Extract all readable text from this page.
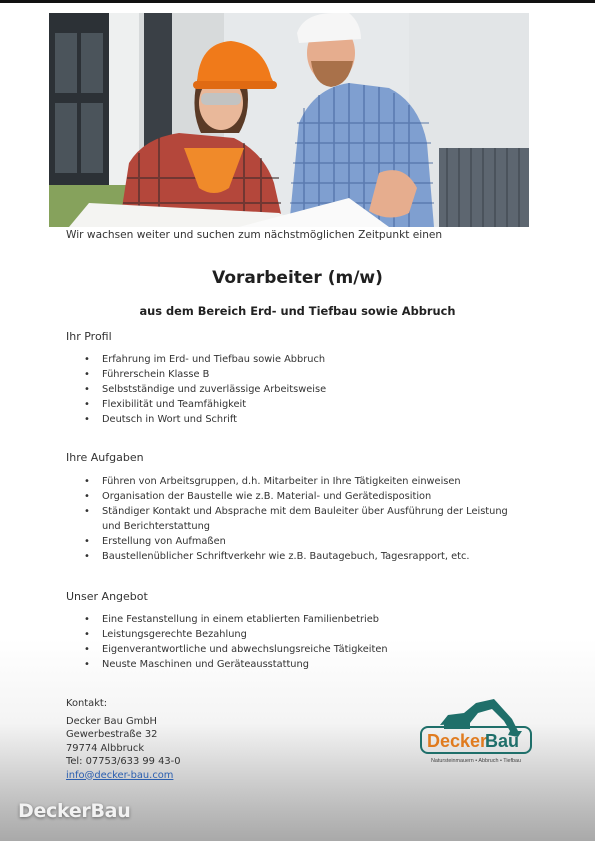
Wir wachsen weiter und suchen zum nächstmöglichen Zeitpunkt einen
Vorarbeiter (m/w)
aus dem Bereich Erd- und Tiefbau sowie Abbruch
Ihr Profil
• Erfahrung im Erd- und Tiefbau sowie Abbruch
• Führerschein Klasse B
• Selbstständige und zuverlässige Arbeitsweise
• Flexibilität und Teamfähigkeit
• Deutsch in Wort und Schrift
Ihre Aufgaben
• Führen von Arbeitsgruppen, d.h. Mitarbeiter in Ihre Tätigkeiten einweisen
• Organisation der Baustelle wie z.B. Material- und Gerätedisposition
• Ständiger Kontakt und Absprache mit dem Bauleiter über Ausführung der Leistung und Berichterstattung
• Erstellung von Aufmaßen
• Baustellenüblicher Schriftverkehr wie z.B. Bautagebuch, Tagesrapport, etc.
Unser Angebot
• Eine Festanstellung in einem etablierten Familienbetrieb
• Leistungsgerechte Bezahlung
• Eigenverantwortliche und abwechslungsreiche Tätigkeiten
• Neuste Maschinen und Geräteausstattung
Kontakt:
Decker Bau GmbH
Gewerbestraße 32
79774 Albbruck
Tel: 07753/633 99 43-0
info@decker-bau.com
Decker
Bau
Natursteinmauern • Abbruch • Tiefbau
DeckerBau
